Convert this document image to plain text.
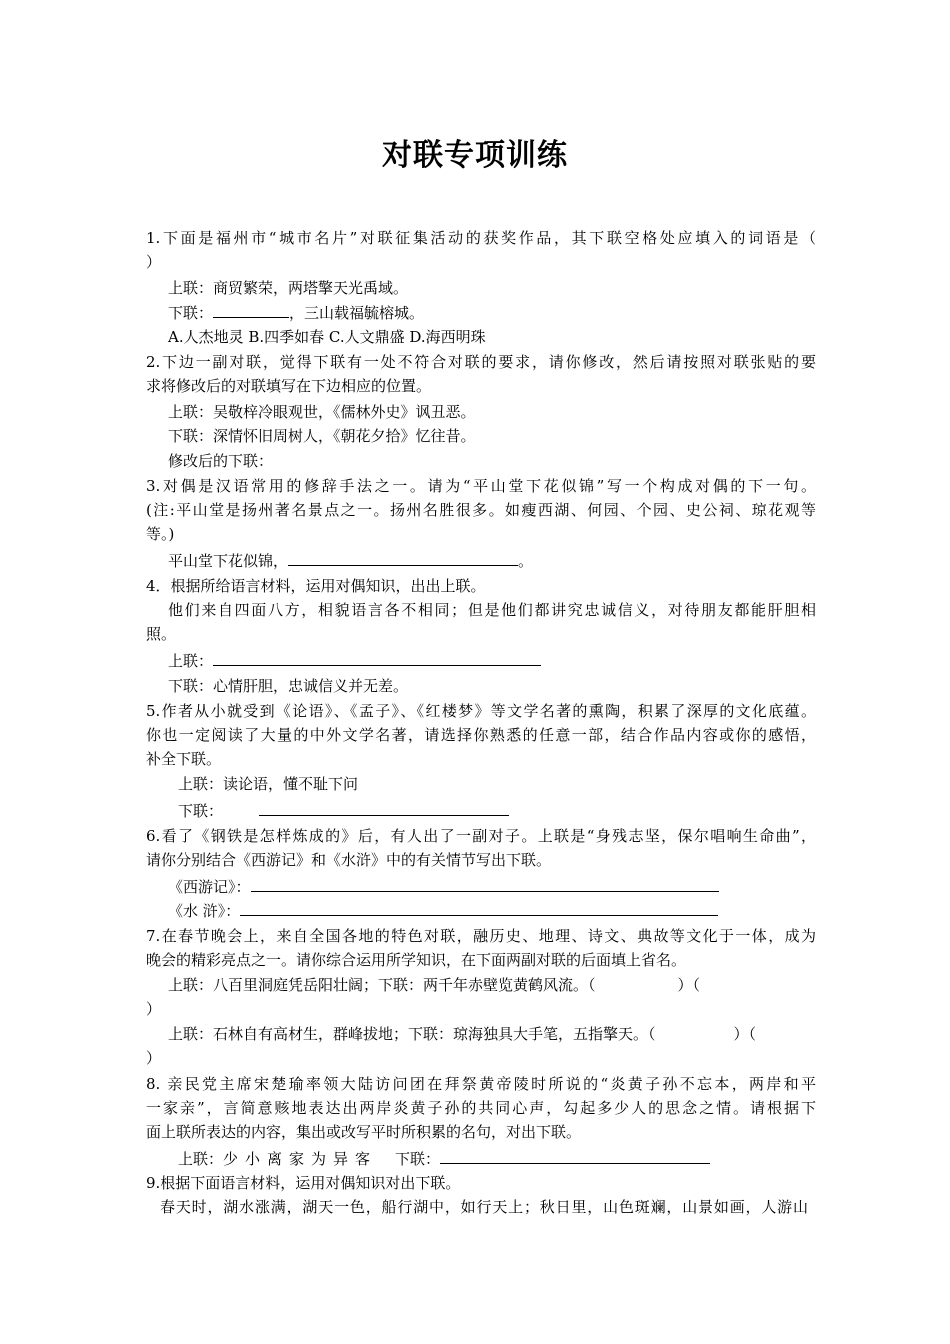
对联专项训练
1.下面是福州市“城市名片”对联征集活动的获奖作品，其下联空格处应填入的词语是（
）
上联：商贸繁荣，两塔擎天光禹域。
下联：	，三山载福毓榕城。
A.人杰地灵 B.四季如春 C.人文鼎盛 D.海西明珠
2.下边一副对联，觉得下联有一处不符合对联的要求，请你修改，然后请按照对联张贴的要
求将修改后的对联填写在下边相应的位置。
上联：吴敬梓冷眼观世，《儒林外史》讽丑恶。
下联：深情怀旧周树人，《朝花夕拾》忆往昔。
修改后的下联：
3.对偶是汉语常用的修辞手法之一。请为“平山堂下花似锦”写一个构成对偶的下一句。
(注:平山堂是扬州著名景点之一。扬州名胜很多。如瘦西湖、何园、个园、史公祠、琼花观等
等。)
平山堂下花似锦，	。
4．根据所给语言材料，运用对偶知识，出出上联。
他们来自四面八方，相貌语言各不相同；但是他们都讲究忠诚信义，对待朋友都能肝胆相
照。
上联：
下联：心情肝胆，忠诚信义并无差。
5.作者从小就受到《论语》、《孟子》、《红楼梦》等文学名著的熏陶，积累了深厚的文化底蕴。
你也一定阅读了大量的中外文学名著，请选择你熟悉的任意一部，结合作品内容或你的感悟，
补全下联。
上联：读论语，懂不耻下问
下联：
6.看了《钢铁是怎样炼成的》后，有人出了一副对子。上联是“身残志坚，保尔唱响生命曲”，
请你分别结合《西游记》和《水浒》中的有关情节写出下联。
《西游记》：
《水 浒》：
7.在春节晚会上，来自全国各地的特色对联，融历史、地理、诗文、典故等文化于一体，成为
晚会的精彩亮点之一。请你综合运用所学知识，在下面两副对联的后面填上省名。
上联：八百里洞庭凭岳阳壮阔；下联：两千年赤壁览黄鹤风流。（	）（
）
上联：石林自有高材生，群峰拔地；下联：琼海独具大手笔，五指擎天。（	）（
）
8. 亲民党主席宋楚瑜率领大陆访问团在拜祭黄帝陵时所说的“炎黄子孙不忘本，两岸和平
一家亲”，言简意赅地表达出两岸炎黄子孙的共同心声，勾起多少人的思念之情。请根据下
面上联所表达的内容，集出或改写平时所积累的名句，对出下联。
上联：少小离家为异客 下联：
9.根据下面语言材料，运用对偶知识对出下联。
春天时，湖水涨满，湖天一色，船行湖中，如行天上；秋日里，山色斑斓，山景如画，人游山
